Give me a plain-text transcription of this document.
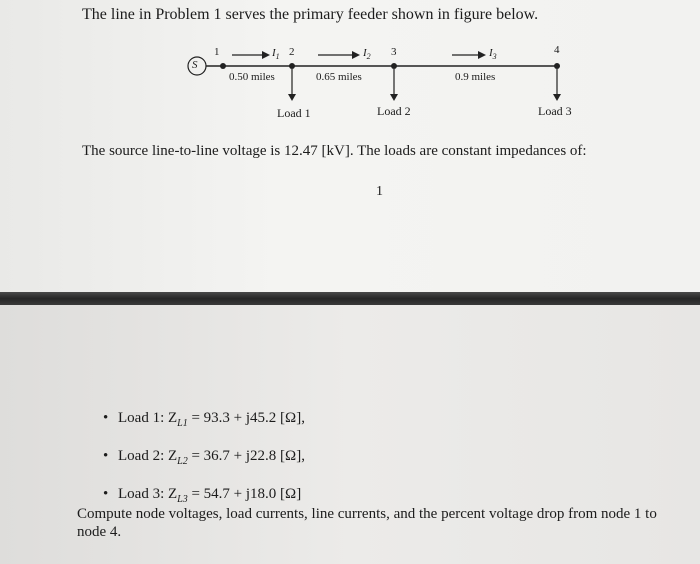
The line in Problem 1 serves the primary feeder shown in figure below.
S
1	2	3	4
$I_1$	$I_2$	$I_3$
0.50 miles	0.65 miles	0.9 miles
Load 1	Load 2	Load 3
The source line-to-line voltage is 12.47 [kV]. The loads are constant impedances of:
1
• Load 1: $Z_{L1} = 93.3 + j45.2$ [Ω],
• Load 2: $Z_{L2} = 36.7 + j22.8$ [Ω],
• Load 3: $Z_{L3} = 54.7 + j18.0$ [Ω]
Compute node voltages, load currents, line currents, and the percent voltage drop from node 1 to node 4.
